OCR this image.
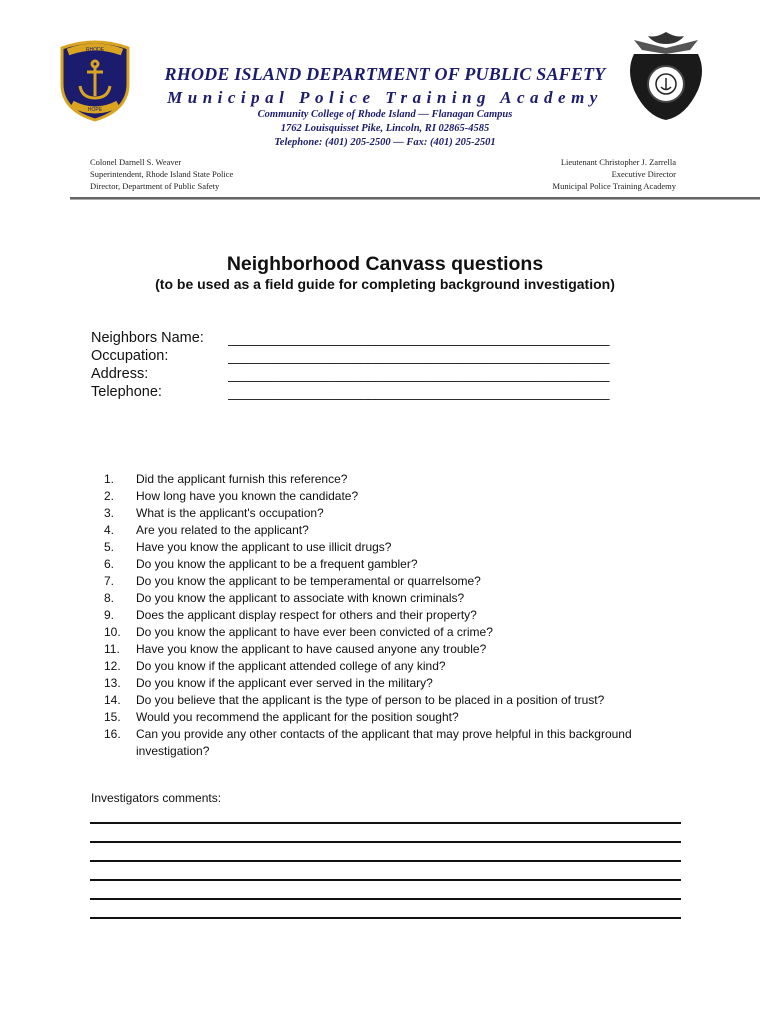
RHODE
STATE OF ISLAND
HOPE
RHODE ISLAND DEPARTMENT OF PUBLIC SAFETY
Municipal Police Training Academy
Community College of Rhode Island — Flanagan Campus
1762 Louisquisset Pike, Lincoln, RI 02865-4585
Telephone: (401) 205-2500 — Fax: (401) 205-2501
Colonel Darnell S. Weaver
Superintendent, Rhode Island State Police
Director, Department of Public Safety
Lieutenant Christopher J. Zarrella
Executive Director
Municipal Police Training Academy
Neighborhood Canvass questions
(to be used as a field guide for completing background investigation)
Neighbors Name: _________________________________________________
Occupation:	_________________________________________________
Address:	_________________________________________________
Telephone:	_________________________________________________
1.	Did the applicant furnish this reference?
2.	How long have you known the candidate?
3.	What is the applicant's occupation?
4.	Are you related to the applicant?
5.	Have you know the applicant to use illicit drugs?
6.	Do you know the applicant to be a frequent gambler?
7.	Do you know the applicant to be temperamental or quarrelsome?
8.	Do you know the applicant to associate with known criminals?
9.	Does the applicant display respect for others and their property?
10.	Do you know the applicant to have ever been convicted of a crime?
11.	Have you know the applicant to have caused anyone any trouble?
12.	Do you know if the applicant attended college of any kind?
13.	Do you know if the applicant ever served in the military?
14.	Do you believe that the applicant is the type of person to be placed in a position of trust?
15.	Would you recommend the applicant for the position sought?
16.	Can you provide any other contacts of the applicant that may prove helpful in this background investigation?
Investigators comments:
